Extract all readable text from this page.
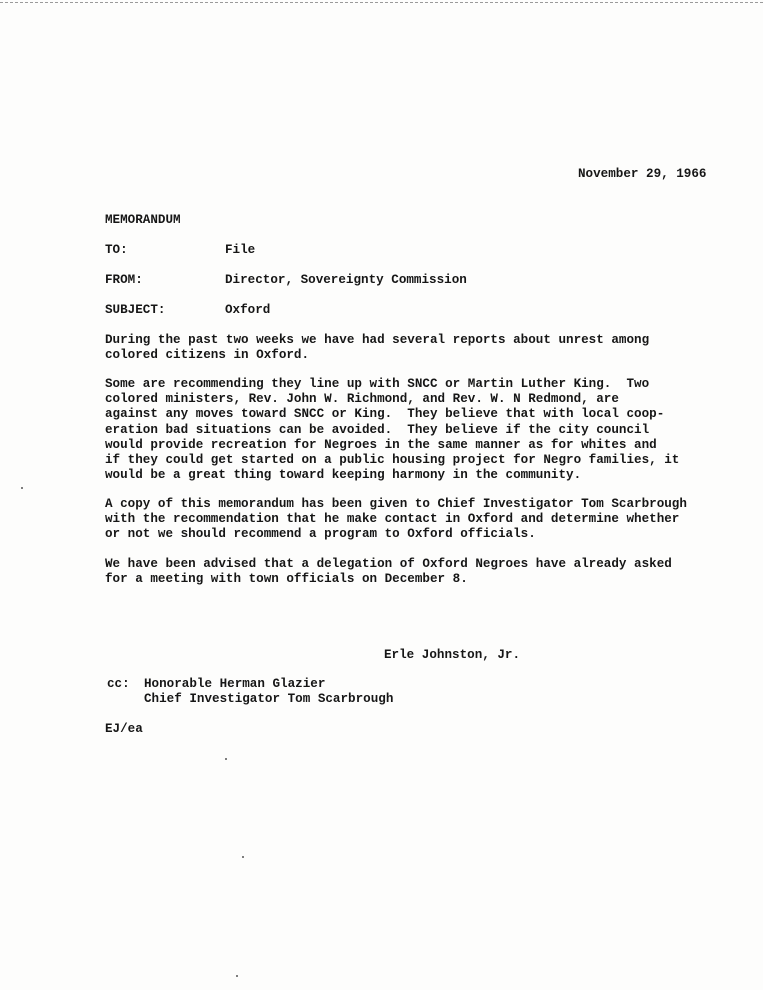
November 29, 1966
MEMORANDUM
TO:	File
FROM:	Director, Sovereignty Commission
SUBJECT:	Oxford
During the past two weeks we have had several reports about unrest among
colored citizens in Oxford.
Some are recommending they line up with SNCC or Martin Luther King.  Two
colored ministers, Rev. John W. Richmond, and Rev. W. N Redmond, are
against any moves toward SNCC or King.  They believe that with local coop-
eration bad situations can be avoided.  They believe if the city council
would provide recreation for Negroes in the same manner as for whites and
if they could get started on a public housing project for Negro families, it
would be a great thing toward keeping harmony in the community.
A copy of this memorandum has been given to Chief Investigator Tom Scarbrough
with the recommendation that he make contact in Oxford and determine whether
or not we should recommend a program to Oxford officials.
We have been advised that a delegation of Oxford Negroes have already asked
for a meeting with town officials on December 8.
Erle Johnston, Jr.
cc: Honorable Herman Glazier
Chief Investigator Tom Scarbrough
EJ/ea
